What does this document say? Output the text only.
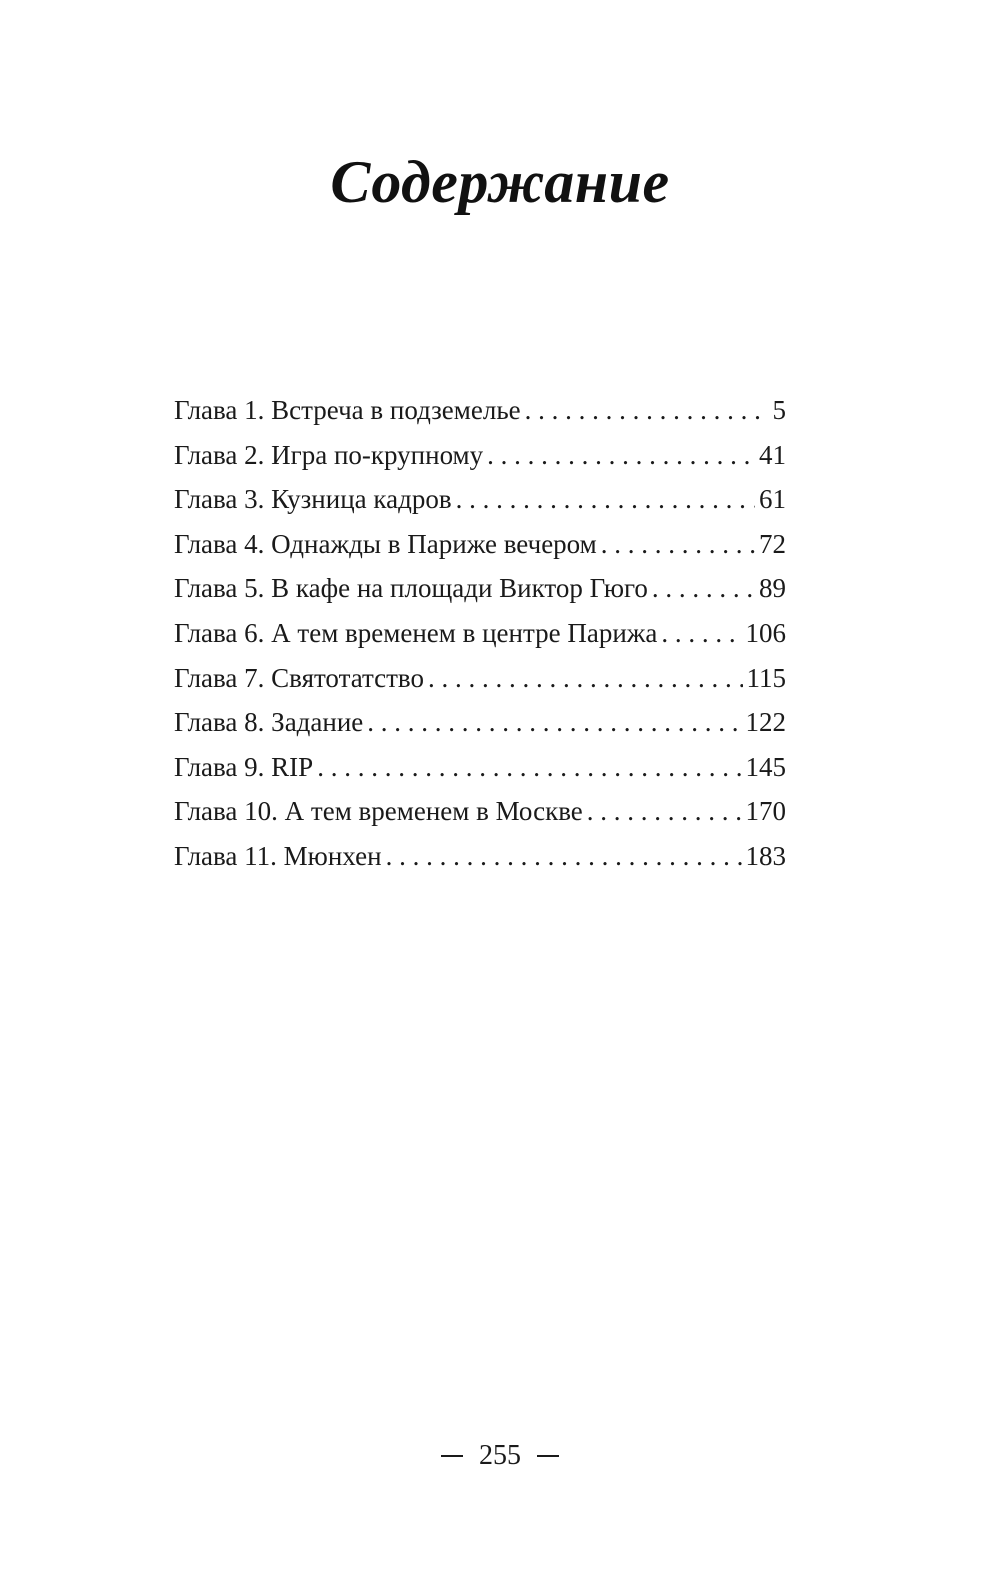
Содержание
Глава 1. Встреча в подземелье . . .	5
Глава 2. Игра по-крупному . . .	41
Глава 3. Кузница кадров . . .	61
Глава 4. Однажды в Париже вечером . . .	72
Глава 5. В кафе на площади Виктор Гюго . . .	89
Глава 6. А тем временем в центре Парижа . . .	106
Глава 7. Святотатство . . .	115
Глава 8. Задание . . .	122
Глава 9. RIP . . .	145
Глава 10. А тем временем в Москве . . .	170
Глава 11. Мюнхен . . .	183
255
